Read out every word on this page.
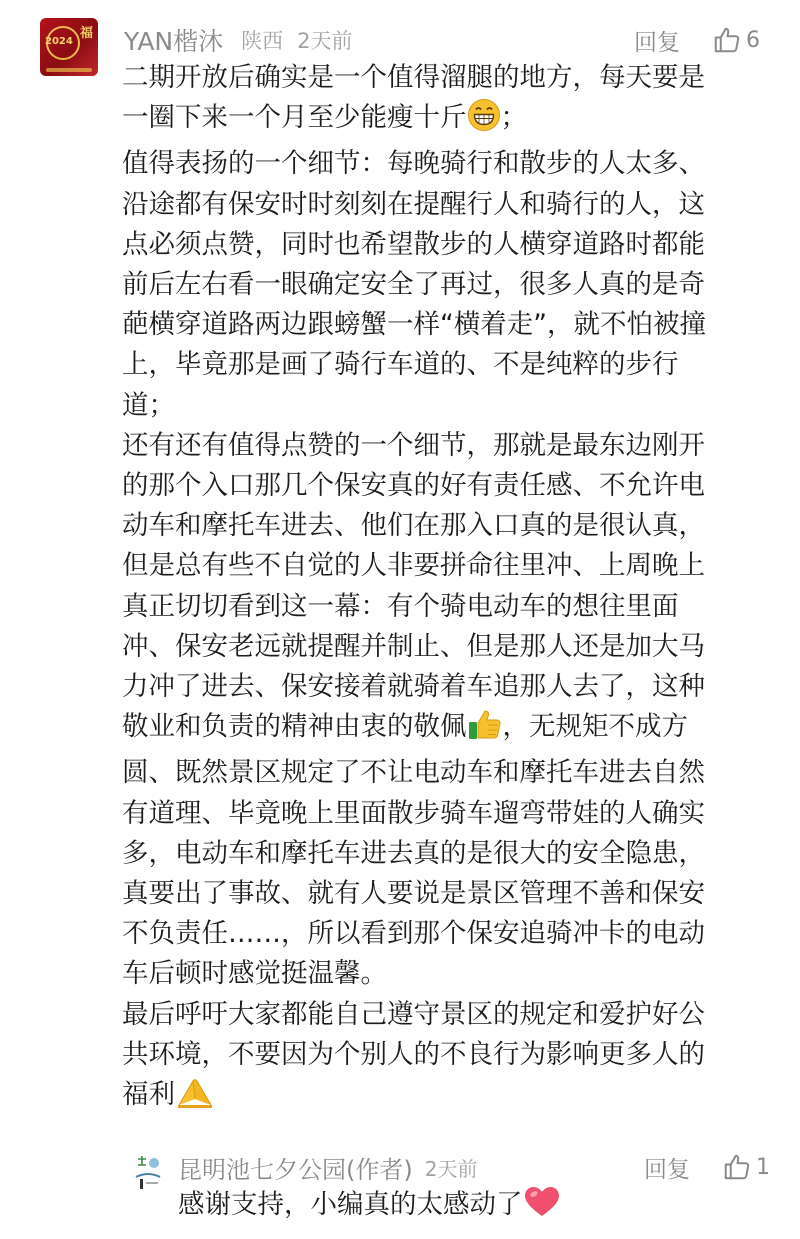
2024
福 YAN楷沐 陕西 2天前	回复	6
二期开放后确实是一个值得溜腿的地方，每天要是
一圈下来一个月至少能瘦十斤 ；
值得表扬的一个细节：每晚骑行和散步的人太多、
沿途都有保安时时刻刻在提醒行人和骑行的人，这
点必须点赞，同时也希望散步的人横穿道路时都能
前后左右看一眼确定安全了再过，很多人真的是奇
葩横穿道路两边跟螃蟹一样“横着走”，就不怕被撞
上，毕竟那是画了骑行车道的、不是纯粹的步行
道；
还有还有值得点赞的一个细节，那就是最东边刚开
的那个入口那几个保安真的好有责任感、不允许电
动车和摩托车进去、他们在那入口真的是很认真，
但是总有些不自觉的人非要拼命往里冲、上周晚上
真正切切看到这一幕：有个骑电动车的想往里面
冲、保安老远就提醒并制止、但是那人还是加大马
力冲了进去、保安接着就骑着车追那人去了，这种
敬业和负责的精神由衷的敬佩 ，无规矩不成方
圆、既然景区规定了不让电动车和摩托车进去自然
有道理、毕竟晚上里面散步骑车遛弯带娃的人确实
多，电动车和摩托车进去真的是很大的安全隐患，
真要出了事故、就有人要说是景区管理不善和保安
不负责任……，所以看到那个保安追骑冲卡的电动
车后顿时感觉挺温馨。
最后呼吁大家都能自己遵守景区的规定和爱护好公
共环境，不要因为个别人的不良行为影响更多人的
福利
昆明池七夕公园(作者) 2天前	回复	1
感谢支持，小编真的太感动了
